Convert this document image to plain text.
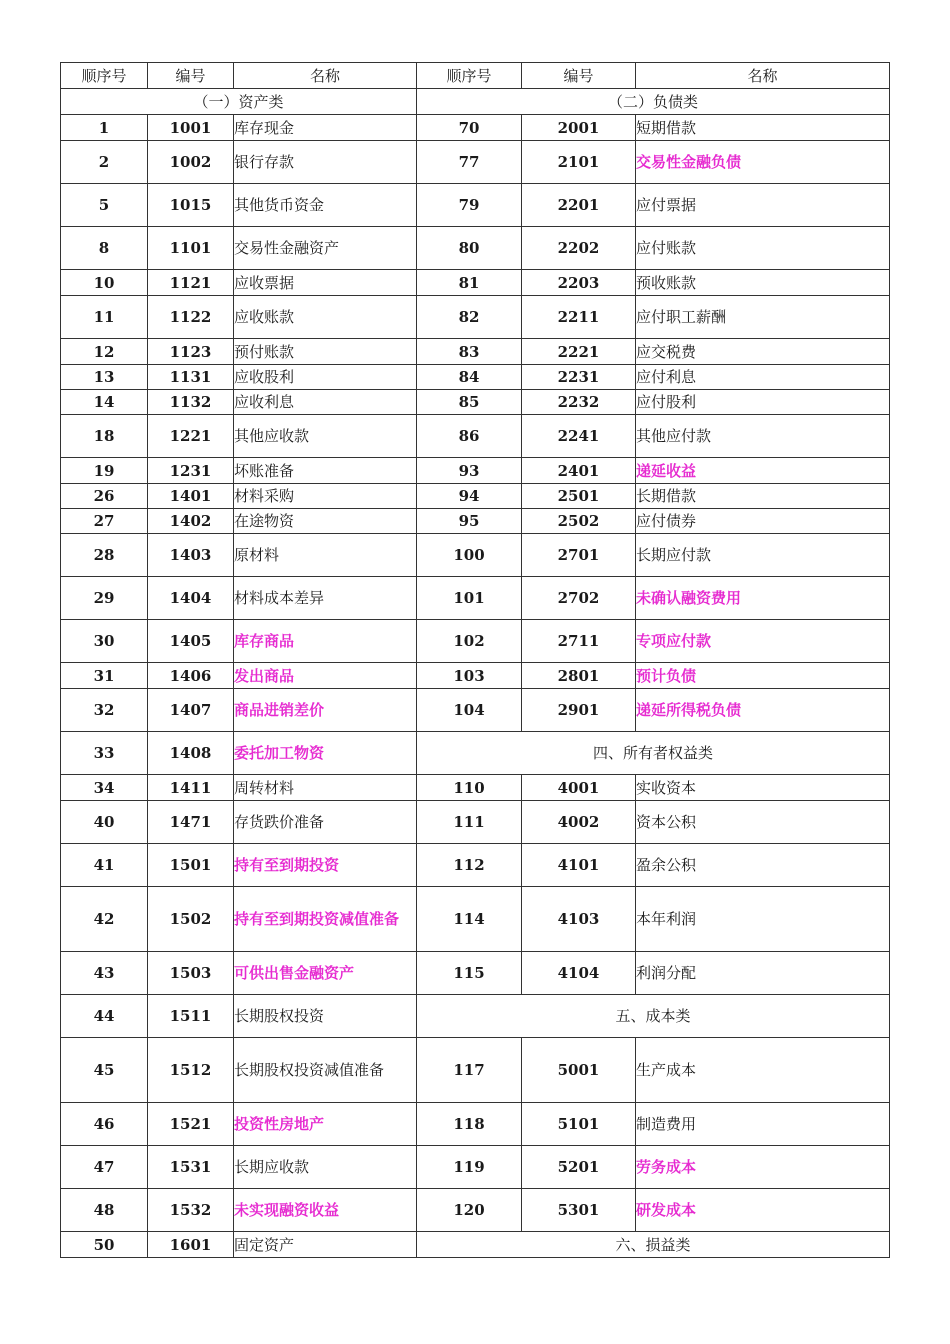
顺序号	编号	名称	顺序号	编号	名称
（一）资产类			（二）负债类		
1	1001	库存现金	70	2001	短期借款
2	1002	银行存款	77	2101	交易性金融负债
5	1015	其他货币资金	79	2201	应付票据
8	1101	交易性金融资产	80	2202	应付账款
10	1121	应收票据	81	2203	预收账款
11	1122	应收账款	82	2211	应付职工薪酬
12	1123	预付账款	83	2221	应交税费
13	1131	应收股利	84	2231	应付利息
14	1132	应收利息	85	2232	应付股利
18	1221	其他应收款	86	2241	其他应付款
19	1231	坏账准备	93	2401	递延收益
26	1401	材料采购	94	2501	长期借款
27	1402	在途物资	95	2502	应付债券
28	1403	原材料	100	2701	长期应付款
29	1404	材料成本差异	101	2702	未确认融资费用
30	1405	库存商品	102	2711	专项应付款
31	1406	发出商品	103	2801	预计负债
32	1407	商品进销差价	104	2901	递延所得税负债
33	1408	委托加工物资	四、所有者权益类		
34	1411	周转材料	110	4001	实收资本
40	1471	存货跌价准备	111	4002	资本公积
41	1501	持有至到期投资	112	4101	盈余公积
42	1502	持有至到期投资减值准备	114	4103	本年利润
43	1503	可供出售金融资产	115	4104	利润分配
44	1511	长期股权投资	五、成本类		
45	1512	长期股权投资减值准备	117	5001	生产成本
46	1521	投资性房地产	118	5101	制造费用
47	1531	长期应收款	119	5201	劳务成本
48	1532	未实现融资收益	120	5301	研发成本
50	1601	固定资产	六、损益类		
